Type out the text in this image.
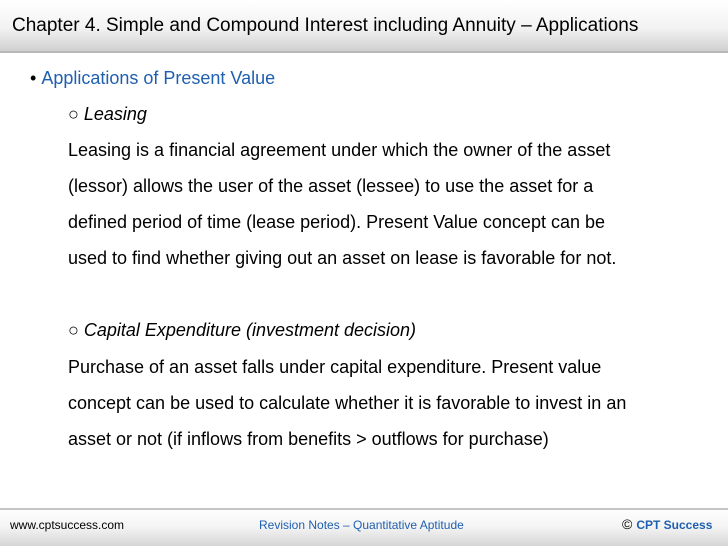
Chapter 4. Simple and Compound Interest including Annuity – Applications
• Applications of Present Value
○ Leasing

Leasing is a financial agreement under which the owner of the asset

(lessor) allows the user of the asset (lessee) to use the asset for a

defined period of time (lease period). Present Value concept can be

used to find whether giving out an asset on lease is favorable for not.

○ Capital Expenditure (investment decision)

Purchase of an asset falls under capital expenditure. Present value

concept can be used to calculate whether it is favorable to invest in an

asset or not (if inflows from benefits > outflows for purchase)

www.cptsuccess.com	Revision Notes – Quantitative Aptitude	© CPT Success
